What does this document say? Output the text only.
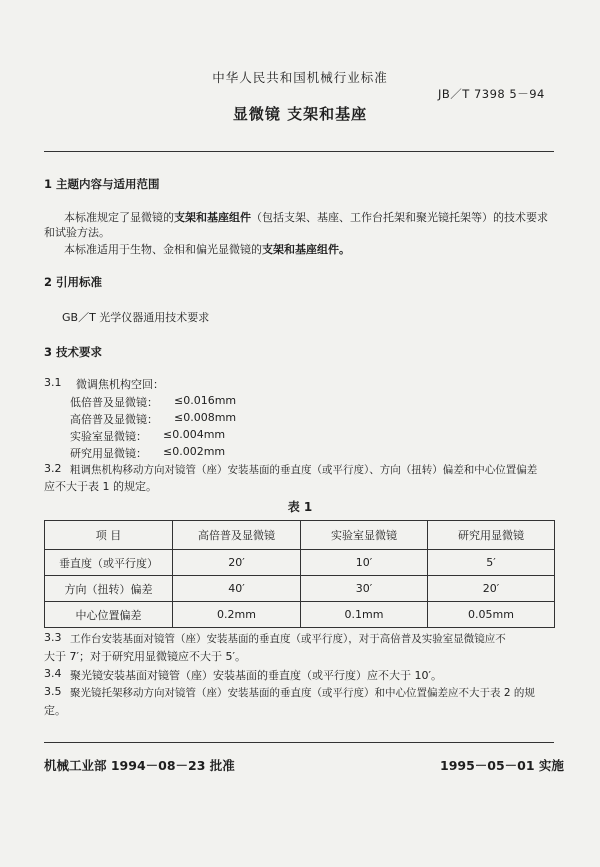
中华人民共和国机械行业标准
JB／T 7398 5－94
显微镜 支架和基座
1 主题内容与适用范围
本标准规定了显微镜的支架和基座组件（包括支架、基座、工作台托架和聚光镜托架等）的技术要求
和试验方法。
本标准适用于生物、金相和偏光显微镜的支架和基座组件。
2 引用标准
GB／T 光学仪器通用技术要求
3 技术要求
3.1 微调焦机构空回：
低倍普及显微镜： ≤0.016mm
高倍普及显微镜： ≤0.008mm
实验室显微镜： ≤0.004mm
研究用显微镜： ≤0.002mm
3.2 粗调焦机构移动方向对镜管（座）安装基面的垂直度（或平行度）、方向（扭转）偏差和中心位置偏差
应不大于表 1 的规定。
表 1
项 目	高倍普及显微镜	实验室显微镜	研究用显微镜
垂直度（或平行度）	20′	10′	5′
方向（扭转）偏差	40′	30′	20′
中心位置偏差	0.2mm	0.1mm	0.05mm
3.3 工作台安装基面对镜管（座）安装基面的垂直度（或平行度），对于高倍普及实验室显微镜应不
大于 7′；对于研究用显微镜应不大于 5′。
3.4 聚光镜安装基面对镜管（座）安装基面的垂直度（或平行度）应不大于 10′。
3.5 聚光镜托架移动方向对镜管（座）安装基面的垂直度（或平行度）和中心位置偏差应不大于表 2 的规
定。
机械工业部 1994－08－23 批准	1995－05－01 实施
